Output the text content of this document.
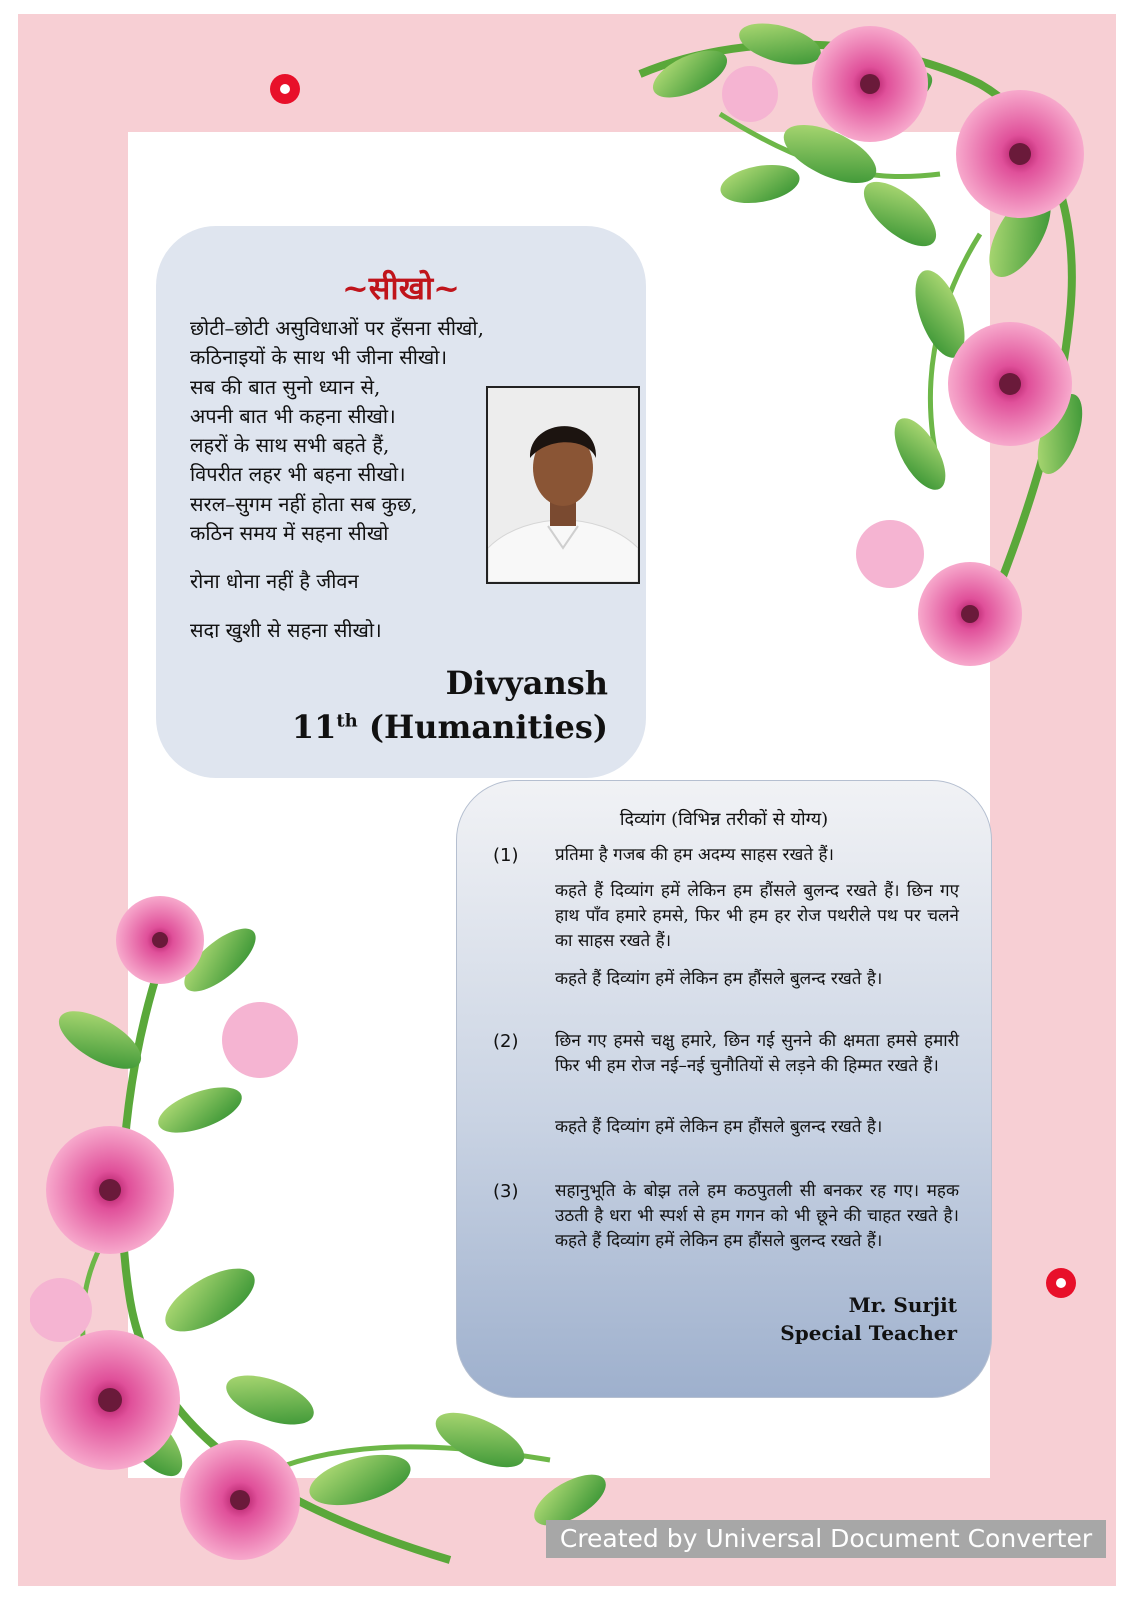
~सीखो~

छोटी–छोटी असुविधाओं पर हँसना सीखो,

कठिनाइयों के साथ भी जीना सीखो।

सब की बात सुनो ध्यान से,

अपनी बात भी कहना सीखो।

लहरों के साथ सभी बहते हैं,

विपरीत लहर भी बहना सीखो।

सरल–सुगम नहीं होता सब कुछ,

कठिन समय में सहना सीखो

रोना धोना नहीं है जीवन

सदा खुशी से सहना सीखो।

Divyansh
11th (Humanities)
दिव्यांग (विभिन्न तरीकों से योग्य)
(1) प्रतिमा है गजब की हम अदम्य साहस रखते हैं।

कहते हैं दिव्यांग हमें लेकिन हम हौंसले बुलन्द रखते हैं। छिन गए हाथ पाँव हमारे हमसे, फिर भी हम हर रोज पथरीले पथ पर चलने का साहस रखते हैं।

कहते हैं दिव्यांग हमें लेकिन हम हौंसले बुलन्द रखते है।

(2) छिन गए हमसे चक्षु हमारे, छिन गई सुनने की क्षमता हमसे हमारी फिर भी हम रोज नई–नई चुनौतियों से लड़ने की हिम्मत रखते हैं।

कहते हैं दिव्यांग हमें लेकिन हम हौंसले बुलन्द रखते है।

(3) सहानुभूति के बोझ तले हम कठपुतली सी बनकर रह गए। महक उठती है धरा भी स्पर्श से हम गगन को भी छूने की चाहत रखते है। कहते हैं दिव्यांग हमें लेकिन हम हौंसले बुलन्द रखते हैं।

Mr. Surjit
Special Teacher
Created by Universal Document Converter
